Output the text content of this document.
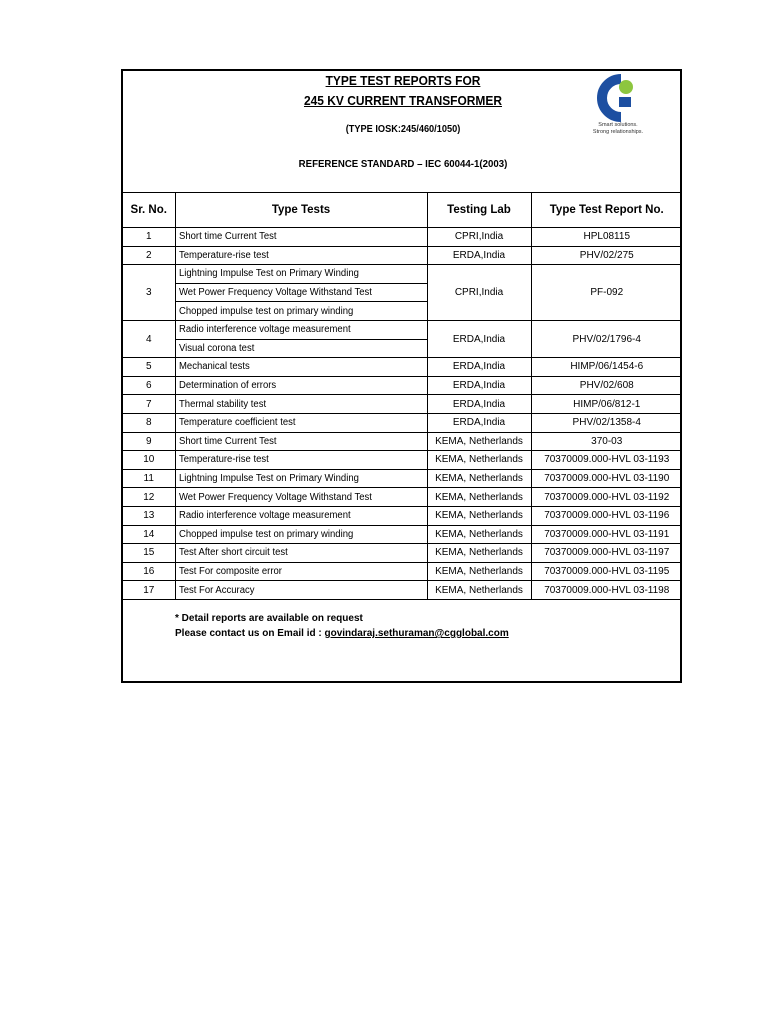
TYPE TEST REPORTS FOR
245 KV CURRENT TRANSFORMER
(TYPE IOSK:245/460/1050)
REFERENCE STANDARD – IEC 60044-1(2003)
Smart solutions.
Strong relationships.
Sr. No.	Type Tests	Testing Lab	Type Test Report No.
1	Short time Current Test	CPRI,India	HPL08115
2	Temperature-rise test	ERDA,India	PHV/02/275
3	Lightning Impulse Test on Primary Winding	CPRI,India	PF-092
	Wet Power Frequency Voltage Withstand Test		
	Chopped impulse test on primary winding		
4	Radio interference voltage measurement	ERDA,India	PHV/02/1796-4
	Visual corona test		
5	Mechanical tests	ERDA,India	HIMP/06/1454-6
6	Determination of errors	ERDA,India	PHV/02/608
7	Thermal stability test	ERDA,India	HIMP/06/812-1
8	Temperature coefficient test	ERDA,India	PHV/02/1358-4
9	Short time Current Test	KEMA, Netherlands	370-03
10	Temperature-rise test	KEMA, Netherlands	70370009.000-HVL 03-1193
11	Lightning Impulse Test on Primary Winding	KEMA, Netherlands	70370009.000-HVL 03-1190
12	Wet Power Frequency Voltage Withstand Test	KEMA, Netherlands	70370009.000-HVL 03-1192
13	Radio interference voltage measurement	KEMA, Netherlands	70370009.000-HVL 03-1196
14	Chopped impulse test on primary winding	KEMA, Netherlands	70370009.000-HVL 03-1191
15	Test After short circuit test	KEMA, Netherlands	70370009.000-HVL 03-1197
16	Test For composite error	KEMA, Netherlands	70370009.000-HVL 03-1195
17	Test For Accuracy	KEMA, Netherlands	70370009.000-HVL 03-1198
* Detail reports are available on request
Please contact us on Email id : govindaraj.sethuraman@cgglobal.com
